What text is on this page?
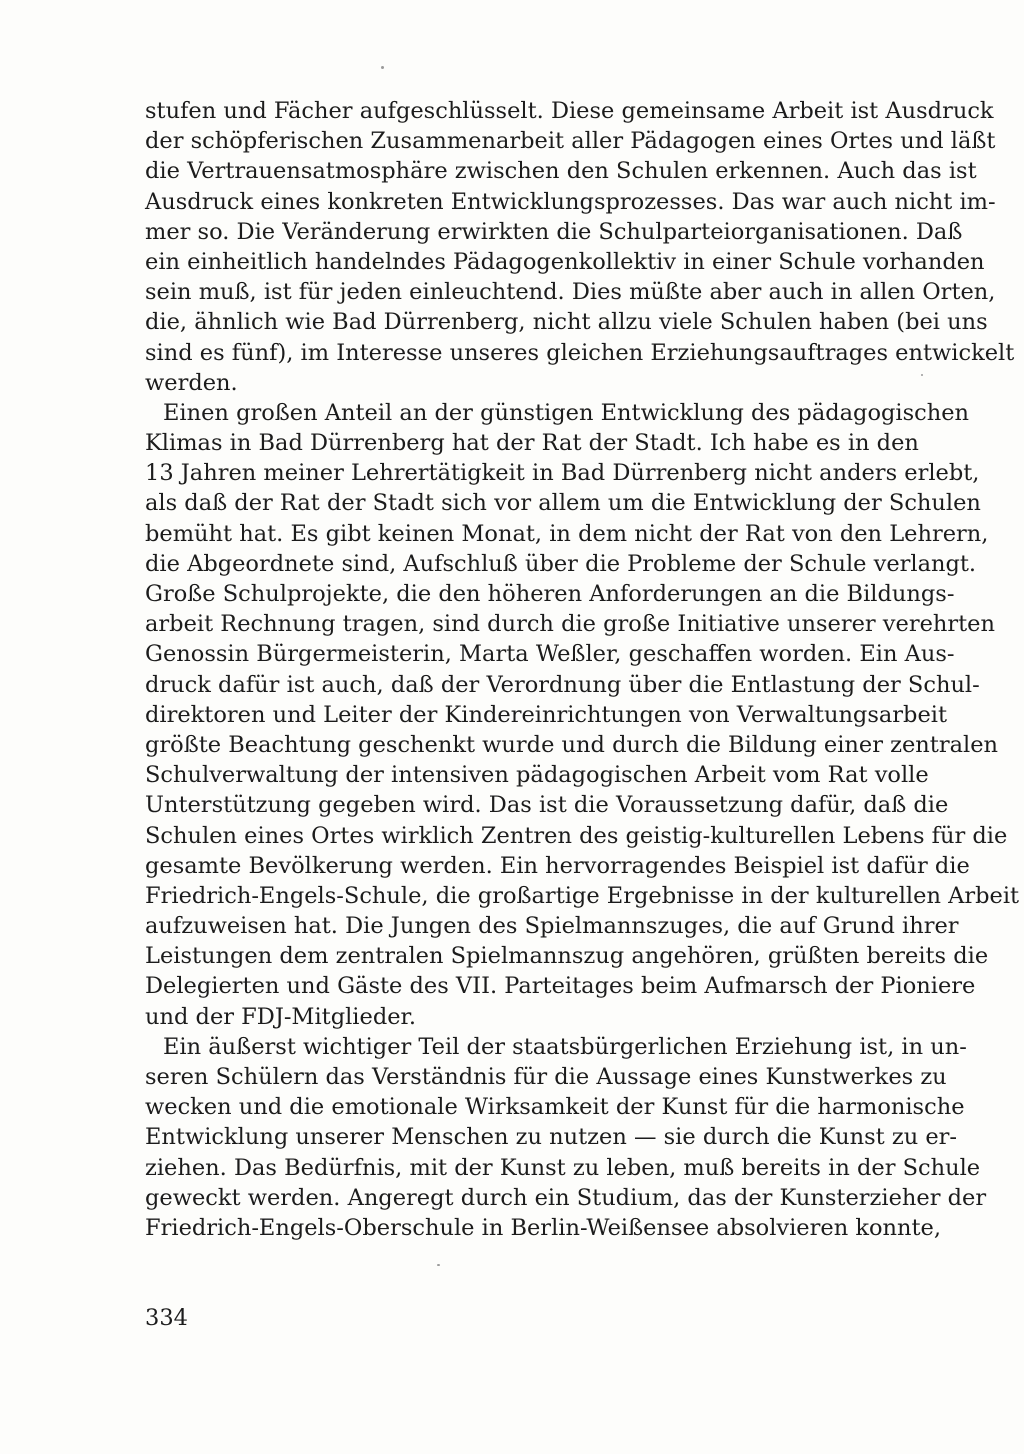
stufen und Fächer aufgeschlüsselt. Diese gemeinsame Arbeit ist Ausdruck
der schöpferischen Zusammenarbeit aller Pädagogen eines Ortes und läßt
die Vertrauensatmosphäre zwischen den Schulen erkennen. Auch das ist
Ausdruck eines konkreten Entwicklungsprozesses. Das war auch nicht im-
mer so. Die Veränderung erwirkten die Schulparteiorganisationen. Daß
ein einheitlich handelndes Pädagogenkollektiv in einer Schule vorhanden
sein muß, ist für jeden einleuchtend. Dies müßte aber auch in allen Orten,
die, ähnlich wie Bad Dürrenberg, nicht allzu viele Schulen haben (bei uns
sind es fünf), im Interesse unseres gleichen Erziehungsauftrages entwickelt
werden.
Einen großen Anteil an der günstigen Entwicklung des pädagogischen
Klimas in Bad Dürrenberg hat der Rat der Stadt. Ich habe es in den
13 Jahren meiner Lehrertätigkeit in Bad Dürrenberg nicht anders erlebt,
als daß der Rat der Stadt sich vor allem um die Entwicklung der Schulen
bemüht hat. Es gibt keinen Monat, in dem nicht der Rat von den Lehrern,
die Abgeordnete sind, Aufschluß über die Probleme der Schule verlangt.
Große Schulprojekte, die den höheren Anforderungen an die Bildungs-
arbeit Rechnung tragen, sind durch die große Initiative unserer verehrten
Genossin Bürgermeisterin, Marta Weßler, geschaffen worden. Ein Aus-
druck dafür ist auch, daß der Verordnung über die Entlastung der Schul-
direktoren und Leiter der Kindereinrichtungen von Verwaltungsarbeit
größte Beachtung geschenkt wurde und durch die Bildung einer zentralen
Schulverwaltung der intensiven pädagogischen Arbeit vom Rat volle
Unterstützung gegeben wird. Das ist die Voraussetzung dafür, daß die
Schulen eines Ortes wirklich Zentren des geistig-kulturellen Lebens für die
gesamte Bevölkerung werden. Ein hervorragendes Beispiel ist dafür die
Friedrich-Engels-Schule, die großartige Ergebnisse in der kulturellen Arbeit
aufzuweisen hat. Die Jungen des Spielmannszuges, die auf Grund ihrer
Leistungen dem zentralen Spielmannszug angehören, grüßten bereits die
Delegierten und Gäste des VII. Parteitages beim Aufmarsch der Pioniere
und der FDJ-Mitglieder.
Ein äußerst wichtiger Teil der staatsbürgerlichen Erziehung ist, in un-
seren Schülern das Verständnis für die Aussage eines Kunstwerkes zu
wecken und die emotionale Wirksamkeit der Kunst für die harmonische
Entwicklung unserer Menschen zu nutzen — sie durch die Kunst zu er-
ziehen. Das Bedürfnis, mit der Kunst zu leben, muß bereits in der Schule
geweckt werden. Angeregt durch ein Studium, das der Kunsterzieher der
Friedrich-Engels-Oberschule in Berlin-Weißensee absolvieren konnte,
334
